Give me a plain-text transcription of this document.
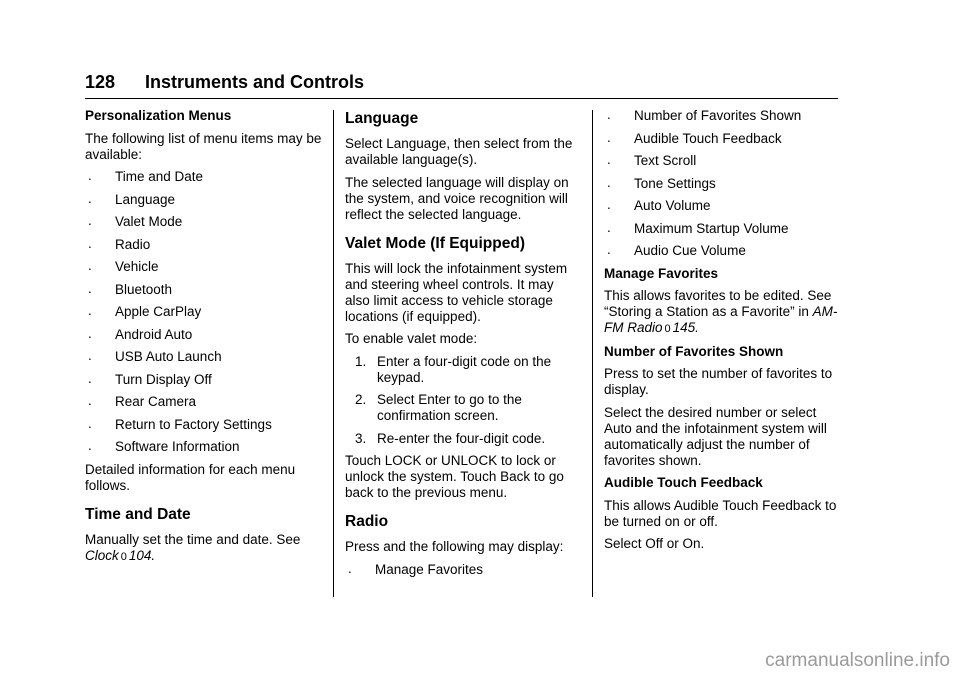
128 Instruments and Controls

Personalization Menus

The following list of menu items may be available:

. Time and Date
. Language
. Valet Mode
. Radio
. Vehicle
. Bluetooth
. Apple CarPlay
. Android Auto
. USB Auto Launch
. Turn Display Off
. Rear Camera
. Return to Factory Settings
. Software Information

Detailed information for each menu follows.

Time and Date

Manually set the time and date. See Clock 0 104.

Language

Select Language, then select from the available language(s).

The selected language will display on the system, and voice recognition will reflect the selected language.

Valet Mode (If Equipped)

This will lock the infotainment system and steering wheel controls. It may also limit access to vehicle storage locations (if equipped).

To enable valet mode:

1. Enter a four-digit code on the keypad.
2. Select Enter to go to the confirmation screen.
3. Re-enter the four-digit code.

Touch LOCK or UNLOCK to lock or unlock the system. Touch Back to go back to the previous menu.

Radio

Press and the following may display:

. Manage Favorites
. Number of Favorites Shown
. Audible Touch Feedback
. Text Scroll
. Tone Settings
. Auto Volume
. Maximum Startup Volume
. Audio Cue Volume

Manage Favorites

This allows favorites to be edited. See “Storing a Station as a Favorite” in AM-FM Radio 0 145.

Number of Favorites Shown

Press to set the number of favorites to display.

Select the desired number or select Auto and the infotainment system will automatically adjust the number of favorites shown.

Audible Touch Feedback

This allows Audible Touch Feedback to be turned on or off.

Select Off or On.

carmanualsonline.info
